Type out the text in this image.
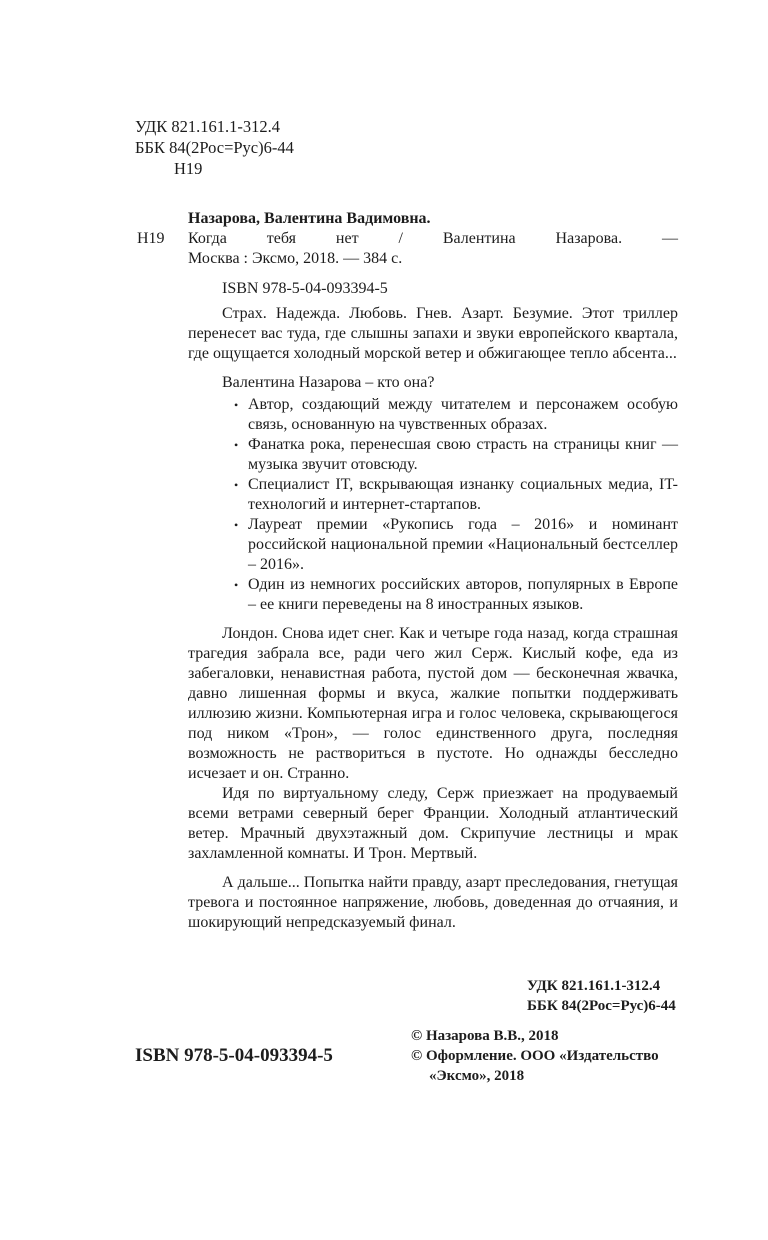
УДК 821.161.1-312.4
ББК 84(2Рос=Рус)6-44
Н19
Н19
Назарова, Валентина Вадимовна.
Когда тебя нет / Валентина Назарова. —
Москва : Эксмо, 2018. — 384 с.
ISBN 978-5-04-093394-5

Страх. Надежда. Любовь. Гнев. Азарт. Безумие. Этот триллер перенесет вас туда, где слышны запахи и звуки европейского квартала, где ощущается холодный морской ветер и обжигающее тепло абсента...

Валентина Назарова – кто она?
• Автор, создающий между читателем и персонажем особую связь, основанную на чувственных образах.
• Фанатка рока, перенесшая свою страсть на страницы книг — музыка звучит отовсюду.
• Специалист IT, вскрывающая изнанку социальных медиа, IT-технологий и интернет-стартапов.
• Лауреат премии «Рукопись года – 2016» и номинант российской национальной премии «Национальный бестселлер – 2016».
• Один из немногих российских авторов, популярных в Европе – ее книги переведены на 8 иностранных языков.

Лондон. Снова идет снег. Как и четыре года назад, когда страшная трагедия забрала все, ради чего жил Серж. Кислый кофе, еда из забегаловки, ненавистная работа, пустой дом — бесконечная жвачка, давно лишенная формы и вкуса, жалкие попытки поддерживать иллюзию жизни. Компьютерная игра и голос человека, скрывающегося под ником «Трон», — голос единственного друга, последняя возможность не раствориться в пустоте. Но однажды бесследно исчезает и он. Странно.

Идя по виртуальному следу, Серж приезжает на продуваемый всеми ветрами северный берег Франции. Холодный атлантический ветер. Мрачный двухэтажный дом. Скрипучие лестницы и мрак захламленной комнаты. И Трон. Мертвый.

А дальше... Попытка найти правду, азарт преследования, гнетущая тревога и постоянное напряжение, любовь, доведенная до отчаяния, и шокирующий непредсказуемый финал.

УДК 821.161.1-312.4
ББК 84(2Рос=Рус)6-44
© Назарова В.В., 2018
© Оформление. ООО «Издательство «Эксмо», 2018
ISBN 978-5-04-093394-5
